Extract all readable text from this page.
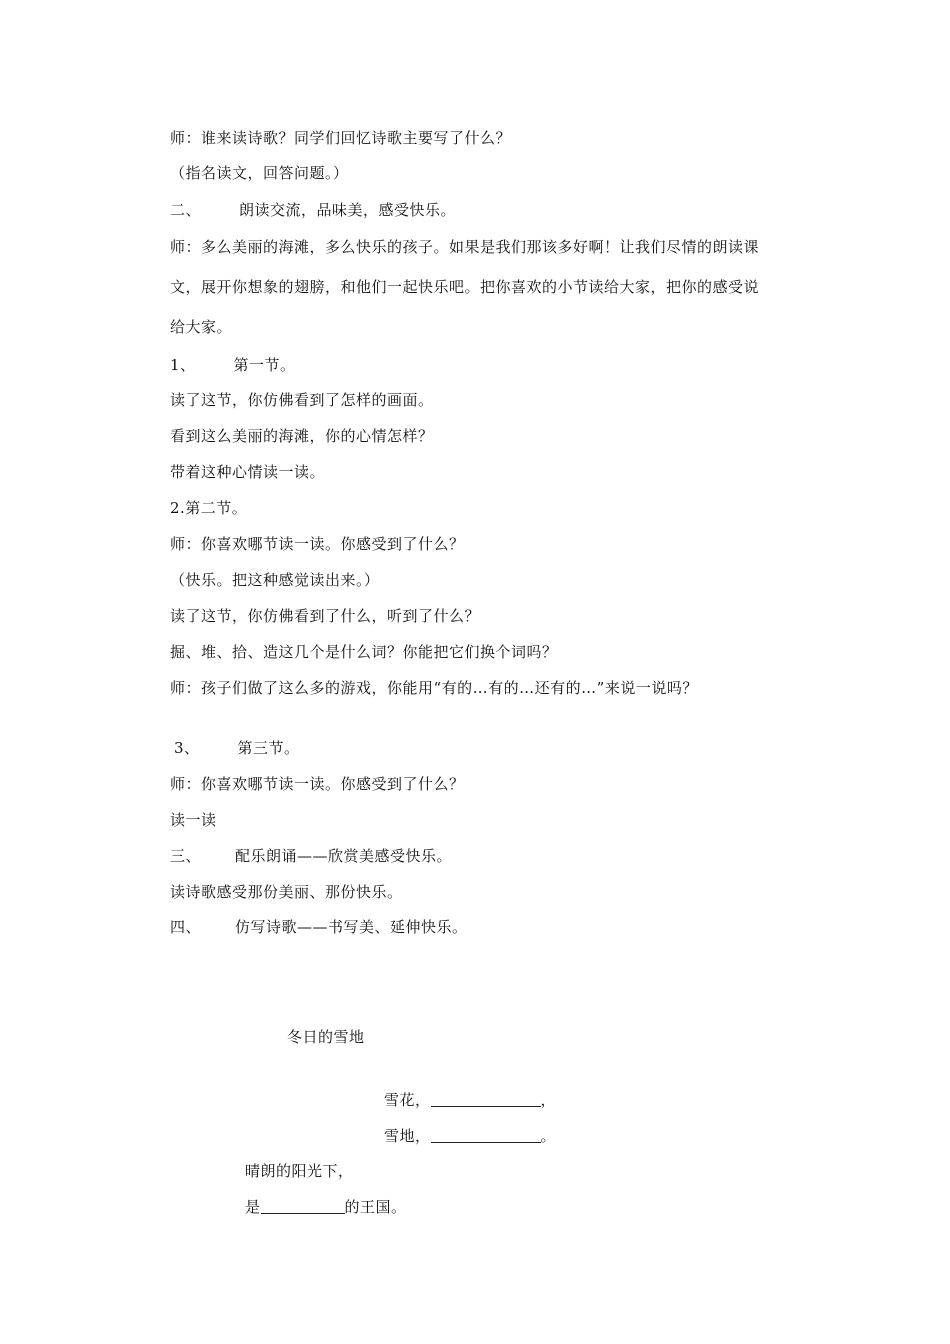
师：谁来读诗歌？同学们回忆诗歌主要写了什么？
（指名读文，回答问题。）
二、	朗读交流，品味美，感受快乐。
师：多么美丽的海滩，多么快乐的孩子。如果是我们那该多好啊！让我们尽情的朗读课
文，展开你想象的翅膀，和他们一起快乐吧。把你喜欢的小节读给大家，把你的感受说
给大家。
1、	第一节。
读了这节，你仿佛看到了怎样的画面。
看到这么美丽的海滩，你的心情怎样？
带着这种心情读一读。
2.第二节。
师：你喜欢哪节读一读。你感受到了什么？
（快乐。把这种感觉读出来。）
读了这节，你仿佛看到了什么，听到了什么？
掘、堆、拾、造这几个是什么词？你能把它们换个词吗？
师：孩子们做了这么多的游戏，你能用“有的…有的…还有的…”来说一说吗？
3、	第三节。
师：你喜欢哪节读一读。你感受到了什么？
读一读
三、 配乐朗诵——欣赏美感受快乐。
读诗歌感受那份美丽、那份快乐。
四、 仿写诗歌——书写美、延伸快乐。
冬日的雪地
雪花，	，
雪地，	。
晴朗的阳光下，
是	的王国。
